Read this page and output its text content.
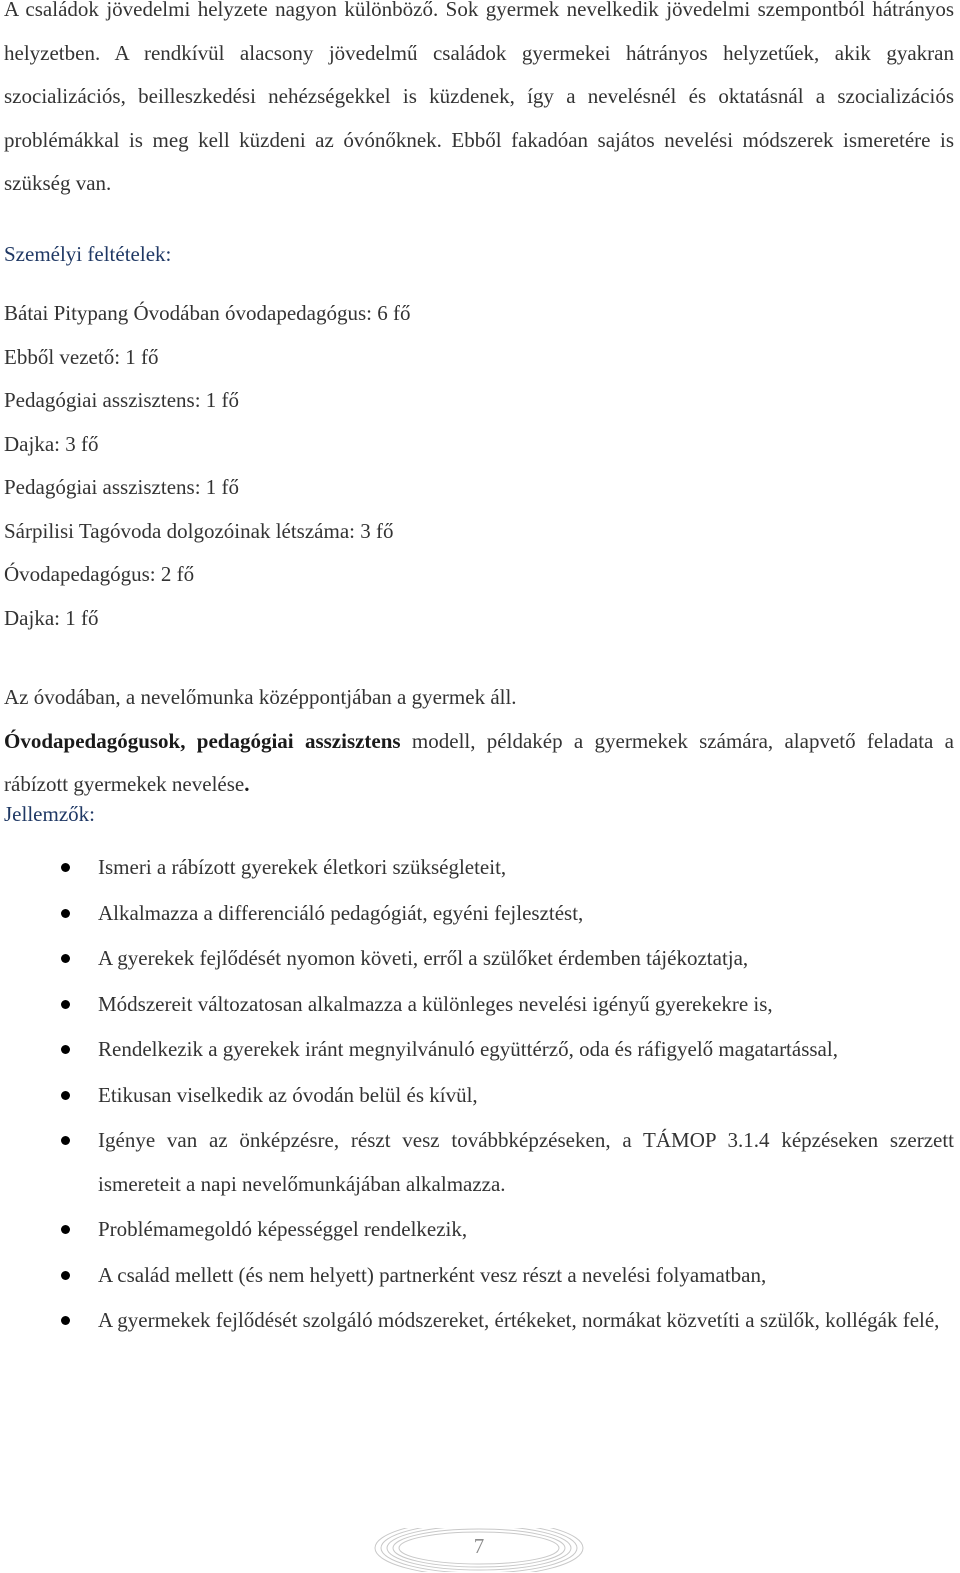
A családok jövedelmi helyzete nagyon különböző. Sok gyermek nevelkedik jövedelmi szempontból hátrányos helyzetben. A rendkívül alacsony jövedelmű családok gyermekei hátrányos helyzetűek, akik gyakran szocializációs, beilleszkedési nehézségekkel is küzdenek, így a nevelésnél és oktatásnál a szocializációs problémákkal is meg kell küzdeni az óvónőknek. Ebből fakadóan sajátos nevelési módszerek ismeretére is szükség van.

Személyi feltételek:
Bátai Pitypang Óvodában óvodapedagógus: 6 fő
Ebből vezető: 1 fő
Pedagógiai asszisztens: 1 fő
Dajka: 3 fő
Pedagógiai asszisztens: 1 fő
Sárpilisi Tagóvoda dolgozóinak létszáma: 3 fő
Óvodapedagógus: 2 fő
Dajka: 1 fő

Az óvodában, a nevelőmunka középpontjában a gyermek áll.

Óvodapedagógusok, pedagógiai asszisztens modell, példakép a gyermekek számára, alapvető feladata a rábízott gyermekek nevelése.

Jellemzők:
Ismeri a rábízott gyerekek életkori szükségleteit,
Alkalmazza a differenciáló pedagógiát, egyéni fejlesztést,
A gyerekek fejlődését nyomon követi, erről a szülőket érdemben tájékoztatja,
Módszereit változatosan alkalmazza a különleges nevelési igényű gyerekekre is,
Rendelkezik a gyerekek iránt megnyilvánuló együttérző, oda és ráfigyelő magatartással,
Etikusan viselkedik az óvodán belül és kívül,
Igénye van az önképzésre, részt vesz továbbképzéseken, a TÁMOP 3.1.4 képzéseken szerzett ismereteit a napi nevelőmunkájában alkalmazza.
Problémamegoldó képességgel rendelkezik,
A család mellett (és nem helyett) partnerként vesz részt a nevelési folyamatban,
A gyermekek fejlődését szolgáló módszereket, értékeket, normákat közvetíti a szülők, kollégák felé,
7
